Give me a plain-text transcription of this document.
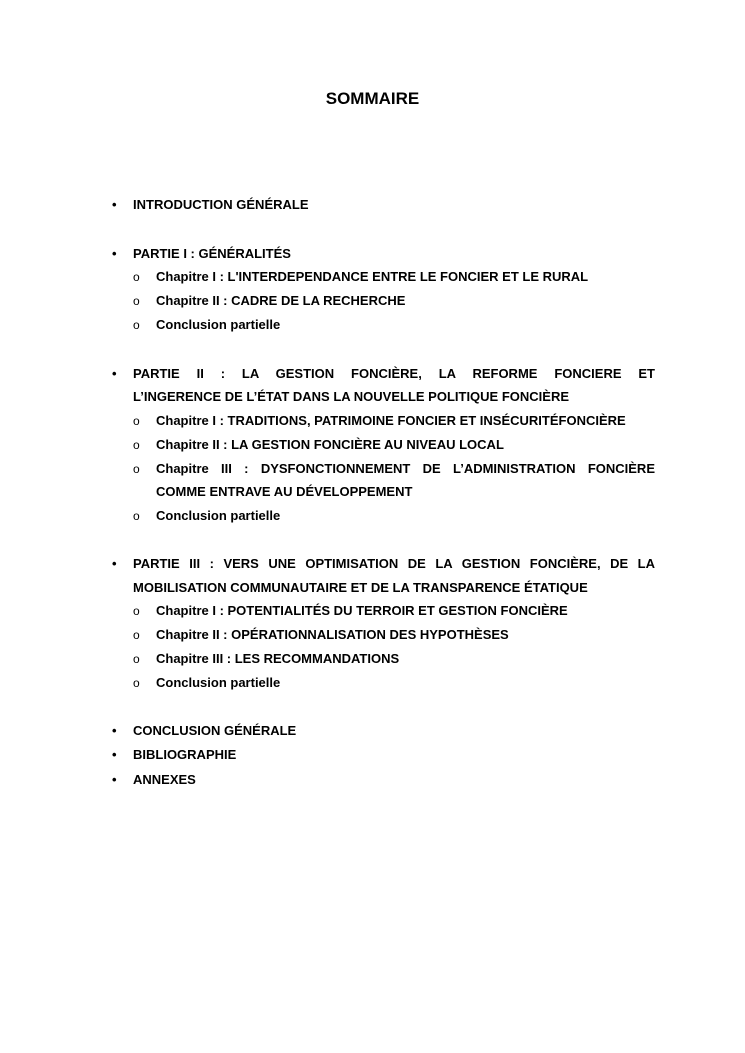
SOMMAIRE
• INTRODUCTION GÉNÉRALE
• PARTIE I : GÉNÉRALITÉS
o Chapitre I : L'INTERDEPENDANCE ENTRE LE FONCIER ET LE RURAL
o Chapitre II : CADRE DE LA RECHERCHE
o Conclusion partielle
• PARTIE II : LA GESTION FONCIÈRE, LA REFORME FONCIERE ET
L’INGERENCE DE L’ÉTAT DANS LA NOUVELLE POLITIQUE FONCIÈRE
o Chapitre I : TRADITIONS, PATRIMOINE FONCIER ET INSÉCURITÉFONCIÈRE
o Chapitre II : LA GESTION FONCIÈRE AU NIVEAU LOCAL
o Chapitre III : DYSFONCTIONNEMENT DE L’ADMINISTRATION FONCIÈRE
COMME ENTRAVE AU DÉVELOPPEMENT
o Conclusion partielle
• PARTIE III : VERS UNE OPTIMISATION DE LA GESTION FONCIÈRE, DE LA
MOBILISATION COMMUNAUTAIRE ET DE LA TRANSPARENCE ÉTATIQUE
o Chapitre I : POTENTIALITÉS DU TERROIR ET GESTION FONCIÈRE
o Chapitre II : OPÉRATIONNALISATION DES HYPOTHÈSES
o Chapitre III : LES RECOMMANDATIONS
o Conclusion partielle
• CONCLUSION GÉNÉRALE
• BIBLIOGRAPHIE
• ANNEXES
